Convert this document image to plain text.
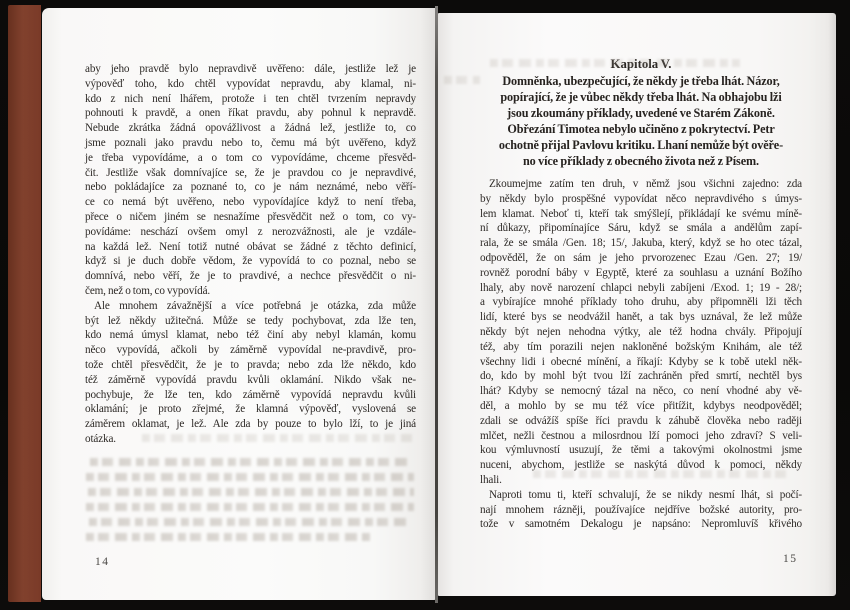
aby jeho pravdě bylo nepravdivě uvěřeno: dále, jestliže lež je
výpověď toho, kdo chtěl vypovídat nepravdu, aby klamal, ni-
kdo z nich není lhářem, protože i ten chtěl tvrzením nepravdy
pohnouti k pravdě, a onen říkat pravdu, aby pohnul k nepravdě.
Nebude zkrátka žádná opovážlivost a žádná lež, jestliže to, co
jsme poznali jako pravdu nebo to, čemu má být uvěřeno, když
je třeba vypovídáme, a o tom co vypovídáme, chceme přesvěd-
čit. Jestliže však domnívajíce se, že je pravdou co je nepravdivé,
nebo pokládajíce za poznané to, co je nám neznámé, nebo věří-
ce co nemá být uvěřeno, nebo vypovídajíce když to není třeba,
přece o ničem jiném se nesnažíme přesvědčit než o tom, co vy-
povídáme: neschází ovšem omyl z nerozvážnosti, ale je vzdále-
na každá lež. Není totiž nutné obávat se žádné z těchto definicí,
když si je duch dobře vědom, že vypovídá to co poznal, nebo se
domnívá, nebo věří, že je to pravdivé, a nechce přesvědčit o ni-
čem, než o tom, co vypovídá.
Ale mnohem závažnější a více potřebná je otázka, zda může
být lež někdy užitečná. Může se tedy pochybovat, zda lže ten,
kdo nemá úmysl klamat, nebo též činí aby nebyl klamán, komu
něco vypovídá, ačkoli by záměrně vypovídal ne-pravdivě, pro-
tože chtěl přesvědčit, že je to pravda; nebo zda lže někdo, kdo
též záměrně vypovídá pravdu kvůli oklamání. Nikdo však ne-
pochybuje, že lže ten, kdo záměrně vypovídá nepravdu kvůli
oklamání; je proto zřejmé, že klamná výpověď, vyslovená se
záměrem oklamat, je lež. Ale zda by pouze to bylo lží, to je jiná
otázka.
14
Kapitola V.
Domněnka, ubezpečující, že někdy je třeba lhát. Názor,
popírající, že je vůbec někdy třeba lhát. Na obhajobu lži
jsou zkoumány příklady, uvedené ve Starém Zákoně.
Obřezání Timotea nebylo učiněno z pokrytectví. Petr
ochotně přijal Pavlovu kritiku. Lhaní nemůže být ověře-
no více příklady z obecného života než z Písem.
Zkoumejme zatím ten druh, v němž jsou všichni zajedno: zda
by někdy bylo prospěšné vypovídat něco nepravdivého s úmys-
lem klamat. Neboť ti, kteří tak smýšlejí, přikládají ke svému míně-
ní důkazy, připomínajíce Sáru, když se smála a andělům zapí-
rala, že se smála /Gen. 18; 15/, Jakuba, který, když se ho otec tázal,
odpověděl, že on sám je jeho prvorozenec Ezau /Gen. 27; 19/
rovněž porodní báby v Egyptě, které za souhlasu a uznání Božího
lhaly, aby nově narození chlapci nebyli zabíjeni /Exod. 1; 19 - 28/;
a vybírajíce mnohé příklady toho druhu, aby připomněli lži těch
lidí, které bys se neodvážil hanět, a tak bys uznával, že lež může
někdy být nejen nehodna výtky, ale též hodna chvály. Připojují
též, aby tím porazili nejen nakloněné božským Knihám, ale též
všechny lidi i obecné mínění, a říkají: Kdyby se k tobě utekl něk-
do, kdo by mohl být tvou lží zachráněn před smrtí, nechtěl bys
lhát? Kdyby se nemocný tázal na něco, co není vhodné aby vě-
děl, a mohlo by se mu též více přitížit, kdybys neodpověděl;
zdali se odvážíš spíše říci pravdu k záhubě člověka nebo raději
mlčet, nežli čestnou a milosrdnou lží pomoci jeho zdraví? S veli-
kou výmluvností usuzují, že těmi a takovými okolnostmi jsme
nuceni, abychom, jestliže se naskýtá důvod k pomoci, někdy
lhali.
Naproti tomu ti, kteří schvalují, že se nikdy nesmí lhát, si počí-
nají mnohem rázněji, používajíce nejdříve božské autority, pro-
tože v samotném Dekalogu je napsáno: Nepromluvíš křivého
15
